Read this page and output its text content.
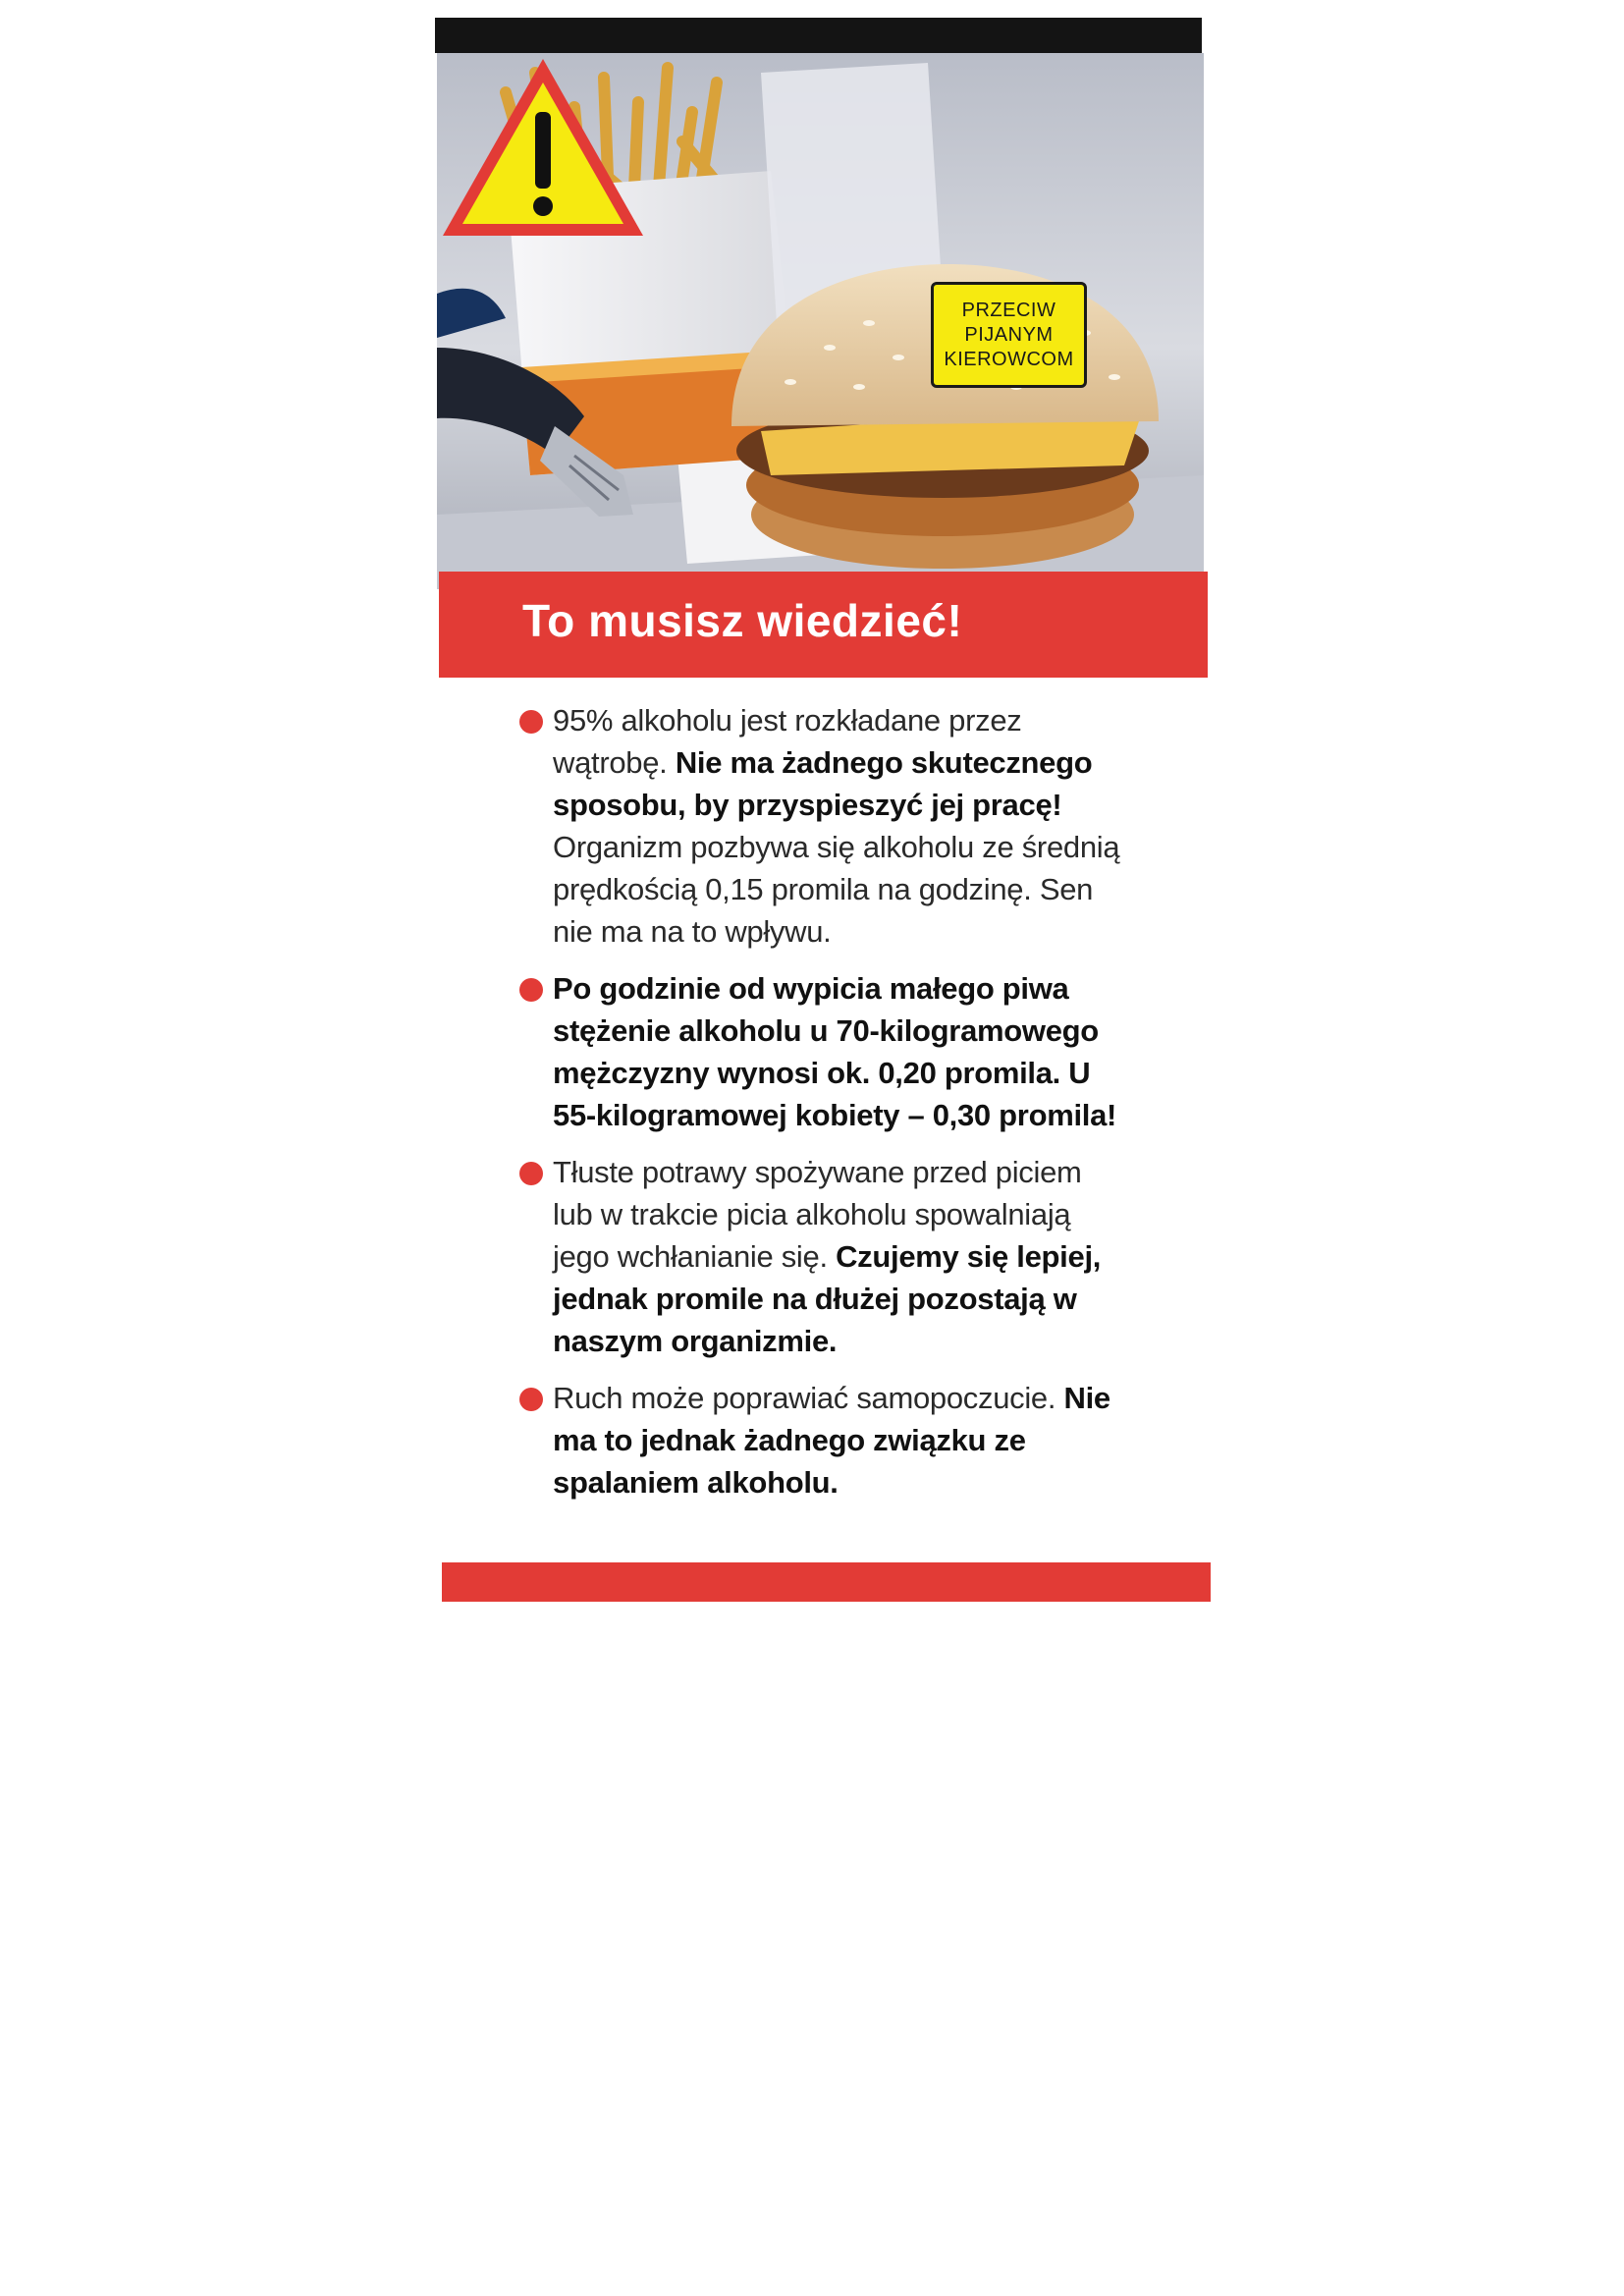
PRZECIW
PIJANYM
KIEROWCOM
To musisz wiedzieć!
95% alkoholu jest rozkładane przez wątrobę. Nie ma żadnego skutecznego sposobu, by przyspieszyć jej pracę! Organizm pozbywa się alkoholu ze średnią prędkością 0,15 promila na godzinę. Sen nie ma na to wpływu.
Po godzinie od wypicia małego piwa stężenie alkoholu u 70-kilogramowego mężczyzny wynosi ok. 0,20 promila. U 55-kilogramowej kobiety – 0,30 promila!
Tłuste potrawy spożywane przed piciem lub w trakcie picia alkoholu spowalniają jego wchłanianie się. Czujemy się lepiej, jednak promile na dłużej pozostają w naszym organizmie.
Ruch może poprawiać samopoczucie. Nie ma to jednak żadnego związku ze spalaniem alkoholu.
